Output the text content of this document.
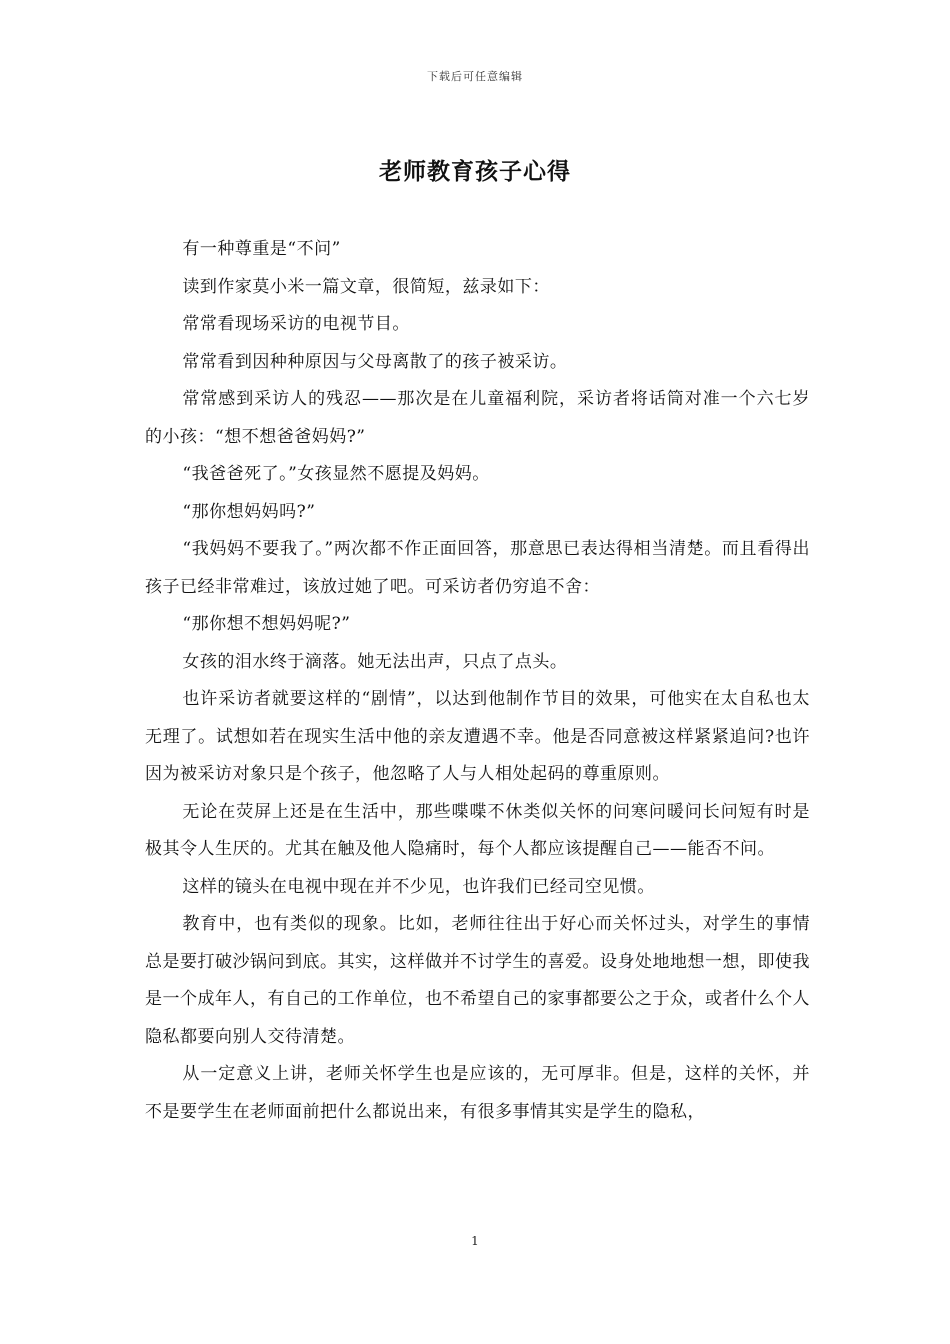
下载后可任意编辑
老师教育孩子心得

有一种尊重是“不问”

读到作家莫小米一篇文章，很简短，兹录如下：

常常看现场采访的电视节目。

常常看到因种种原因与父母离散了的孩子被采访。

常常感到采访人的残忍——那次是在儿童福利院，采访者将话筒对准一个六七岁的小孩：“想不想爸爸妈妈?”

“我爸爸死了。”女孩显然不愿提及妈妈。

“那你想妈妈吗?”

“我妈妈不要我了。”两次都不作正面回答，那意思已表达得相当清楚。而且看得出孩子已经非常难过，该放过她了吧。可采访者仍穷追不舍：

“那你想不想妈妈呢?”

女孩的泪水终于滴落。她无法出声，只点了点头。

也许采访者就要这样的“剧情”，以达到他制作节目的效果，可他实在太自私也太无理了。试想如若在现实生活中他的亲友遭遇不幸。他是否同意被这样紧紧追问?也许因为被采访对象只是个孩子，他忽略了人与人相处起码的尊重原则。

无论在荧屏上还是在生活中，那些喋喋不休类似关怀的问寒问暖问长问短有时是极其令人生厌的。尤其在触及他人隐痛时，每个人都应该提醒自己——能否不问。

这样的镜头在电视中现在并不少见，也许我们已经司空见惯。

教育中，也有类似的现象。比如，老师往往出于好心而关怀过头，对学生的事情总是要打破沙锅问到底。其实，这样做并不讨学生的喜爱。设身处地地想一想，即使我是一个成年人，有自己的工作单位，也不希望自己的家事都要公之于众，或者什么个人隐私都要向别人交待清楚。

从一定意义上讲，老师关怀学生也是应该的，无可厚非。但是，这样的关怀，并不是要学生在老师面前把什么都说出来，有很多事情其实是学生的隐私，

1
